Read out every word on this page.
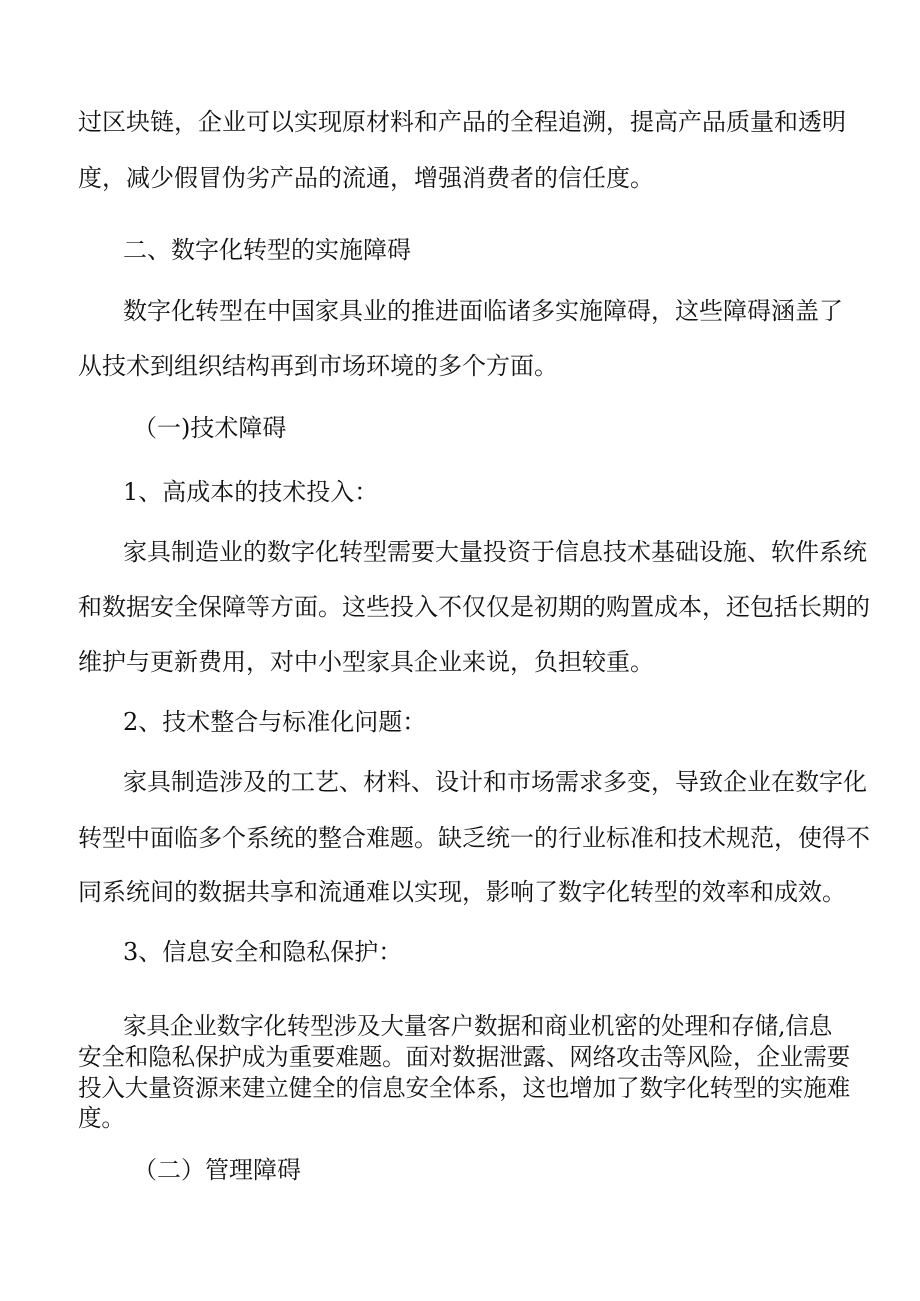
过区块链，企业可以实现原材料和产品的全程追溯，提高产品质量和透明
度，减少假冒伪劣产品的流通，增强消费者的信任度。
二、数字化转型的实施障碍
数字化转型在中国家具业的推进面临诸多实施障碍，这些障碍涵盖了
从技术到组织结构再到市场环境的多个方面。
（一)技术障碍
1、高成本的技术投入：
家具制造业的数字化转型需要大量投资于信息技术基础设施、软件系统
和数据安全保障等方面。这些投入不仅仅是初期的购置成本，还包括长期的
维护与更新费用，对中小型家具企业来说，负担较重。
2、技术整合与标准化问题：
家具制造涉及的工艺、材料、设计和市场需求多变，导致企业在数字化
转型中面临多个系统的整合难题。缺乏统一的行业标准和技术规范，使得不
同系统间的数据共享和流通难以实现，影响了数字化转型的效率和成效。
3、信息安全和隐私保护：
家具企业数字化转型涉及大量客户数据和商业机密的处理和存储,信息
安全和隐私保护成为重要难题。面对数据泄露、网络攻击等风险，企业需要
投入大量资源来建立健全的信息安全体系，这也增加了数字化转型的实施难
度。
（二）管理障碍
